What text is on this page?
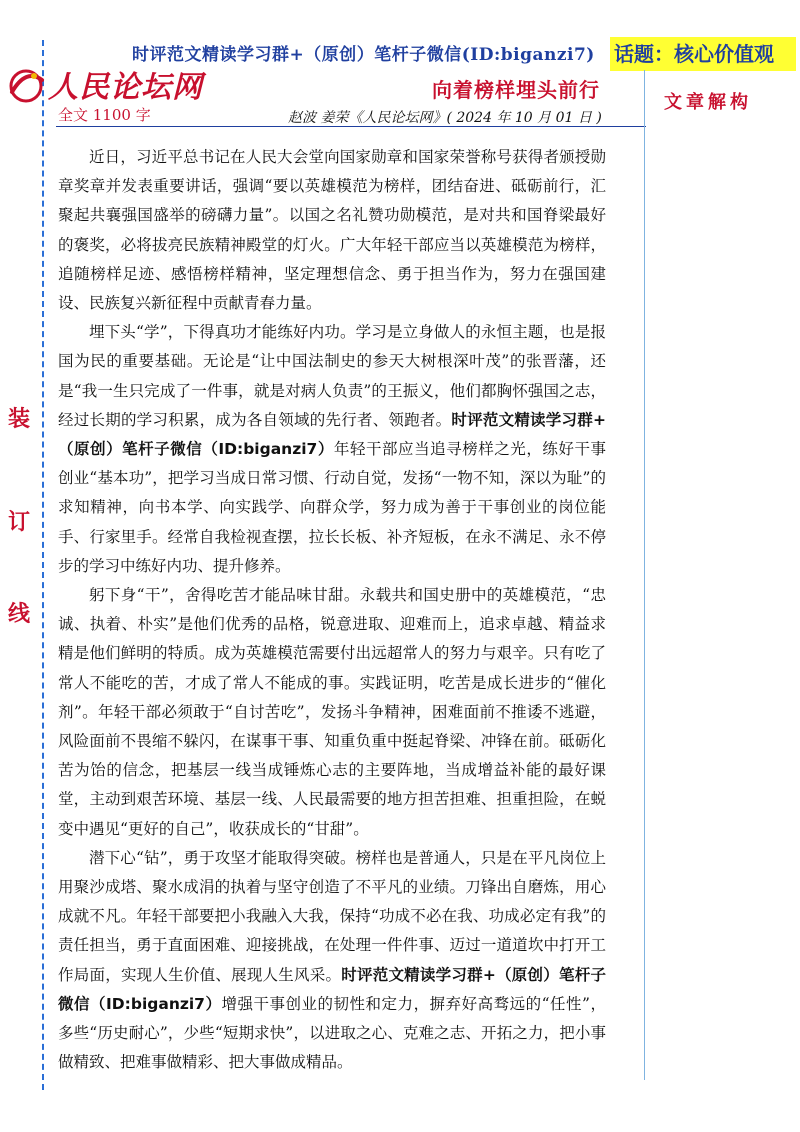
装
订
线
时评范文精读学习群+（原创）笔杆子微信(ID:biganzi7) 话题：核心价值观
人民论坛网
全文 1100 字
向着榜样埋头前行
赵波 姜荣《人民论坛网》( 2024 年 10 月 01 日 )
文章解构

近日，习近平总书记在人民大会堂向国家勋章和国家荣誉称号获得者颁授勋章奖章并发表重要讲话，强调“要以英雄模范为榜样，团结奋进、砥砺前行，汇聚起共襄强国盛举的磅礴力量”。以国之名礼赞功勋模范，是对共和国脊梁最好的褒奖，必将拔亮民族精神殿堂的灯火。广大年轻干部应当以英雄模范为榜样，追随榜样足迹、感悟榜样精神，坚定理想信念、勇于担当作为，努力在强国建设、民族复兴新征程中贡献青春力量。

埋下头“学”，下得真功才能练好内功。学习是立身做人的永恒主题，也是报国为民的重要基础。无论是“让中国法制史的参天大树根深叶茂”的张晋藩，还是“我一生只完成了一件事，就是对病人负责”的王振义，他们都胸怀强国之志，经过长期的学习积累，成为各自领域的先行者、领跑者。时评范文精读学习群+（原创）笔杆子微信（ID:biganzi7）年轻干部应当追寻榜样之光，练好干事创业“基本功”，把学习当成日常习惯、行动自觉，发扬“一物不知，深以为耻”的求知精神，向书本学、向实践学、向群众学，努力成为善于干事创业的岗位能手、行家里手。经常自我检视查摆，拉长长板、补齐短板，在永不满足、永不停步的学习中练好内功、提升修养。

躬下身“干”，舍得吃苦才能品味甘甜。永载共和国史册中的英雄模范，“忠诚、执着、朴实”是他们优秀的品格，锐意进取、迎难而上，追求卓越、精益求精是他们鲜明的特质。成为英雄模范需要付出远超常人的努力与艰辛。只有吃了常人不能吃的苦，才成了常人不能成的事。实践证明，吃苦是成长进步的“催化剂”。年轻干部必须敢于“自讨苦吃”，发扬斗争精神，困难面前不推诿不逃避，风险面前不畏缩不躲闪，在谋事干事、知重负重中挺起脊梁、冲锋在前。砥砺化苦为饴的信念，把基层一线当成锤炼心志的主要阵地，当成增益补能的最好课堂，主动到艰苦环境、基层一线、人民最需要的地方担苦担难、担重担险，在蜕变中遇见“更好的自己”，收获成长的“甘甜”。

潜下心“钻”，勇于攻坚才能取得突破。榜样也是普通人，只是在平凡岗位上用聚沙成塔、聚水成涓的执着与坚守创造了不平凡的业绩。刀锋出自磨炼，用心成就不凡。年轻干部要把小我融入大我，保持“功成不必在我、功成必定有我”的责任担当，勇于直面困难、迎接挑战，在处理一件件事、迈过一道道坎中打开工作局面，实现人生价值、展现人生风采。时评范文精读学习群+（原创）笔杆子微信（ID:biganzi7）增强干事创业的韧性和定力，摒弃好高骛远的“任性”，多些“历史耐心”，少些“短期求快”，以进取之心、克难之志、开拓之力，把小事做精致、把难事做精彩、把大事做成精品。
